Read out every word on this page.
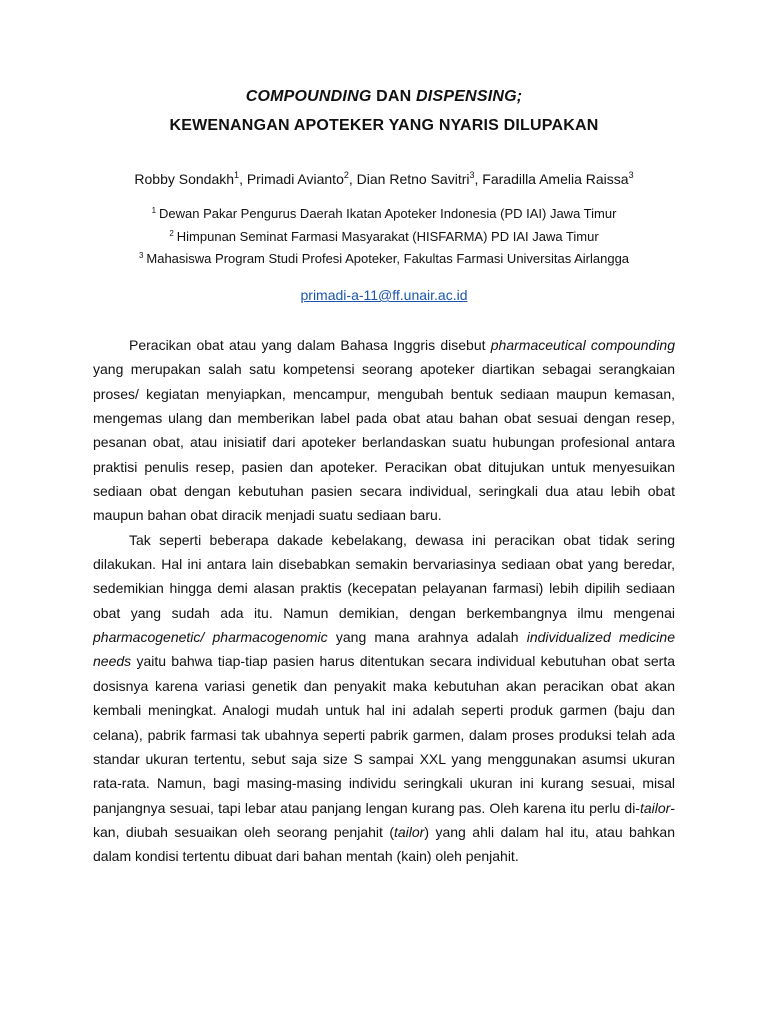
COMPOUNDING DAN DISPENSING;
KEWENANGAN APOTEKER YANG NYARIS DILUPAKAN
Robby Sondakh$^1$, Primadi Avianto$^2$, Dian Retno Savitri$^3$, Faradilla Amelia Raissa$^3$
$^1$ Dewan Pakar Pengurus Daerah Ikatan Apoteker Indonesia (PD IAI) Jawa Timur
$^2$ Himpunan Seminat Farmasi Masyarakat (HISFARMA) PD IAI Jawa Timur
$^3$ Mahasiswa Program Studi Profesi Apoteker, Fakultas Farmasi Universitas Airlangga
primadi-a-11@ff.unair.ac.id

Peracikan obat atau yang dalam Bahasa Inggris disebut pharmaceutical compounding yang merupakan salah satu kompetensi seorang apoteker diartikan sebagai serangkaian proses/ kegiatan menyiapkan, mencampur, mengubah bentuk sediaan maupun kemasan, mengemas ulang dan memberikan label pada obat atau bahan obat sesuai dengan resep, pesanan obat, atau inisiatif dari apoteker berlandaskan suatu hubungan profesional antara praktisi penulis resep, pasien dan apoteker. Peracikan obat ditujukan untuk menyesuikan sediaan obat dengan kebutuhan pasien secara individual, seringkali dua atau lebih obat maupun bahan obat diracik menjadi suatu sediaan baru.

Tak seperti beberapa dakade kebelakang, dewasa ini peracikan obat tidak sering dilakukan. Hal ini antara lain disebabkan semakin bervariasinya sediaan obat yang beredar, sedemikian hingga demi alasan praktis (kecepatan pelayanan farmasi) lebih dipilih sediaan obat yang sudah ada itu. Namun demikian, dengan berkembangnya ilmu mengenai pharmacogenetic/ pharmacogenomic yang mana arahnya adalah individualized medicine needs yaitu bahwa tiap-tiap pasien harus ditentukan secara individual kebutuhan obat serta dosisnya karena variasi genetik dan penyakit maka kebutuhan akan peracikan obat akan kembali meningkat. Analogi mudah untuk hal ini adalah seperti produk garmen (baju dan celana), pabrik farmasi tak ubahnya seperti pabrik garmen, dalam proses produksi telah ada standar ukuran tertentu, sebut saja size S sampai XXL yang menggunakan asumsi ukuran rata-rata. Namun, bagi masing-masing individu seringkali ukuran ini kurang sesuai, misal panjangnya sesuai, tapi lebar atau panjang lengan kurang pas. Oleh karena itu perlu di-tailor-kan, diubah sesuaikan oleh seorang penjahit (tailor) yang ahli dalam hal itu, atau bahkan dalam kondisi tertentu dibuat dari bahan mentah (kain) oleh penjahit.
